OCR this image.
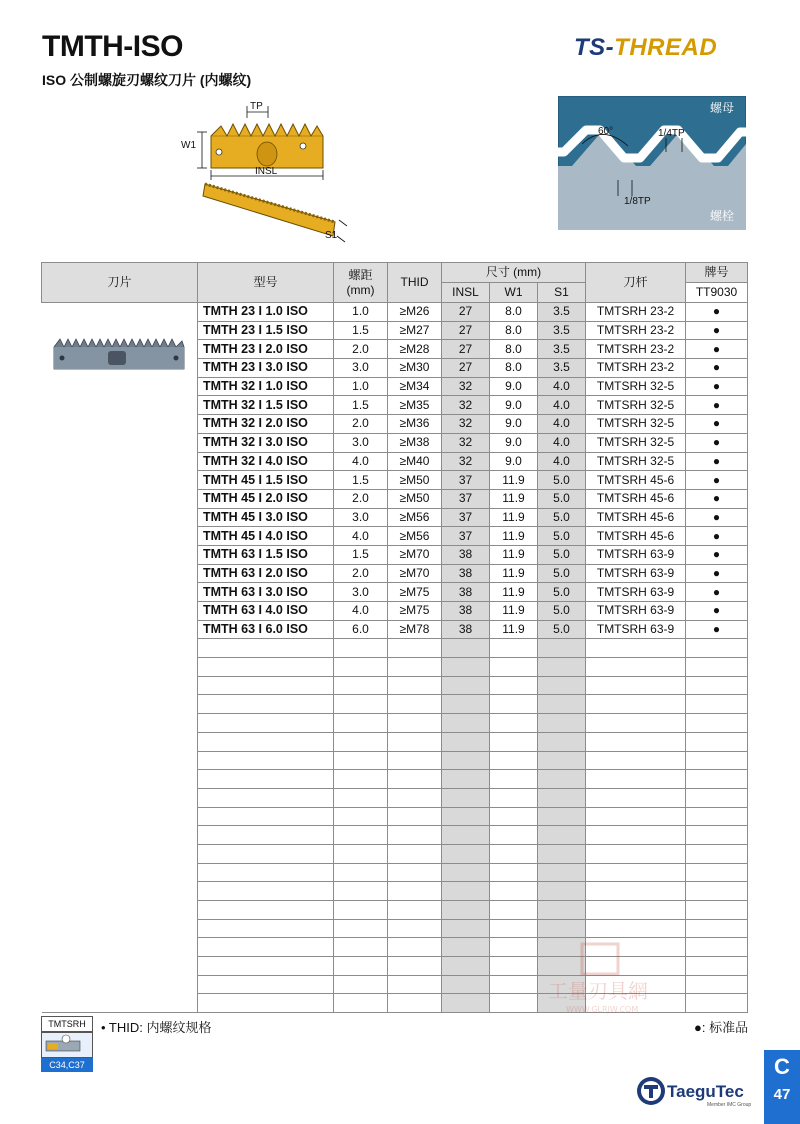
TMTH-ISO	TS-THREAD
ISO 公制螺旋刃螺纹刀片 (内螺纹)
TP
W1
INSL
S1
螺母
螺栓
60°	1/4TP
1/8TP
刀片	型号	螺距
(mm)	THID	尺寸 (mm)			刀杆	牌号
				INSL	W1	S1		TT9030
	TMTH 23 I 1.0 ISO	1.0	≥M26	27	8.0	3.5	TMTSRH 23-2	●
	TMTH 23 I 1.5 ISO	1.5	≥M27	27	8.0	3.5	TMTSRH 23-2	●
	TMTH 23 I 2.0 ISO	2.0	≥M28	27	8.0	3.5	TMTSRH 23-2	●
	TMTH 23 I 3.0 ISO	3.0	≥M30	27	8.0	3.5	TMTSRH 23-2	●
	TMTH 32 I 1.0 ISO	1.0	≥M34	32	9.0	4.0	TMTSRH 32-5	●
	TMTH 32 I 1.5 ISO	1.5	≥M35	32	9.0	4.0	TMTSRH 32-5	●
	TMTH 32 I 2.0 ISO	2.0	≥M36	32	9.0	4.0	TMTSRH 32-5	●
	TMTH 32 I 3.0 ISO	3.0	≥M38	32	9.0	4.0	TMTSRH 32-5	●
	TMTH 32 I 4.0 ISO	4.0	≥M40	32	9.0	4.0	TMTSRH 32-5	●
	TMTH 45 I 1.5 ISO	1.5	≥M50	37	11.9	5.0	TMTSRH 45-6	●
	TMTH 45 I 2.0 ISO	2.0	≥M50	37	11.9	5.0	TMTSRH 45-6	●
	TMTH 45 I 3.0 ISO	3.0	≥M56	37	11.9	5.0	TMTSRH 45-6	●
	TMTH 45 I 4.0 ISO	4.0	≥M56	37	11.9	5.0	TMTSRH 45-6	●
	TMTH 63 I 1.5 ISO	1.5	≥M70	38	11.9	5.0	TMTSRH 63-9	●
	TMTH 63 I 2.0 ISO	2.0	≥M70	38	11.9	5.0	TMTSRH 63-9	●
	TMTH 63 I 3.0 ISO	3.0	≥M75	38	11.9	5.0	TMTSRH 63-9	●
	TMTH 63 I 4.0 ISO	4.0	≥M75	38	11.9	5.0	TMTSRH 63-9	●
	TMTH 63 I 6.0 ISO	6.0	≥M78	38	11.9	5.0	TMTSRH 63-9	●

TMTSRH
C34,C37
• THID: 内螺纹规格	●: 标准品
工量刃具網
WWW.GLRJW.COM
TaeguTec
Member IMC Group
C
47
